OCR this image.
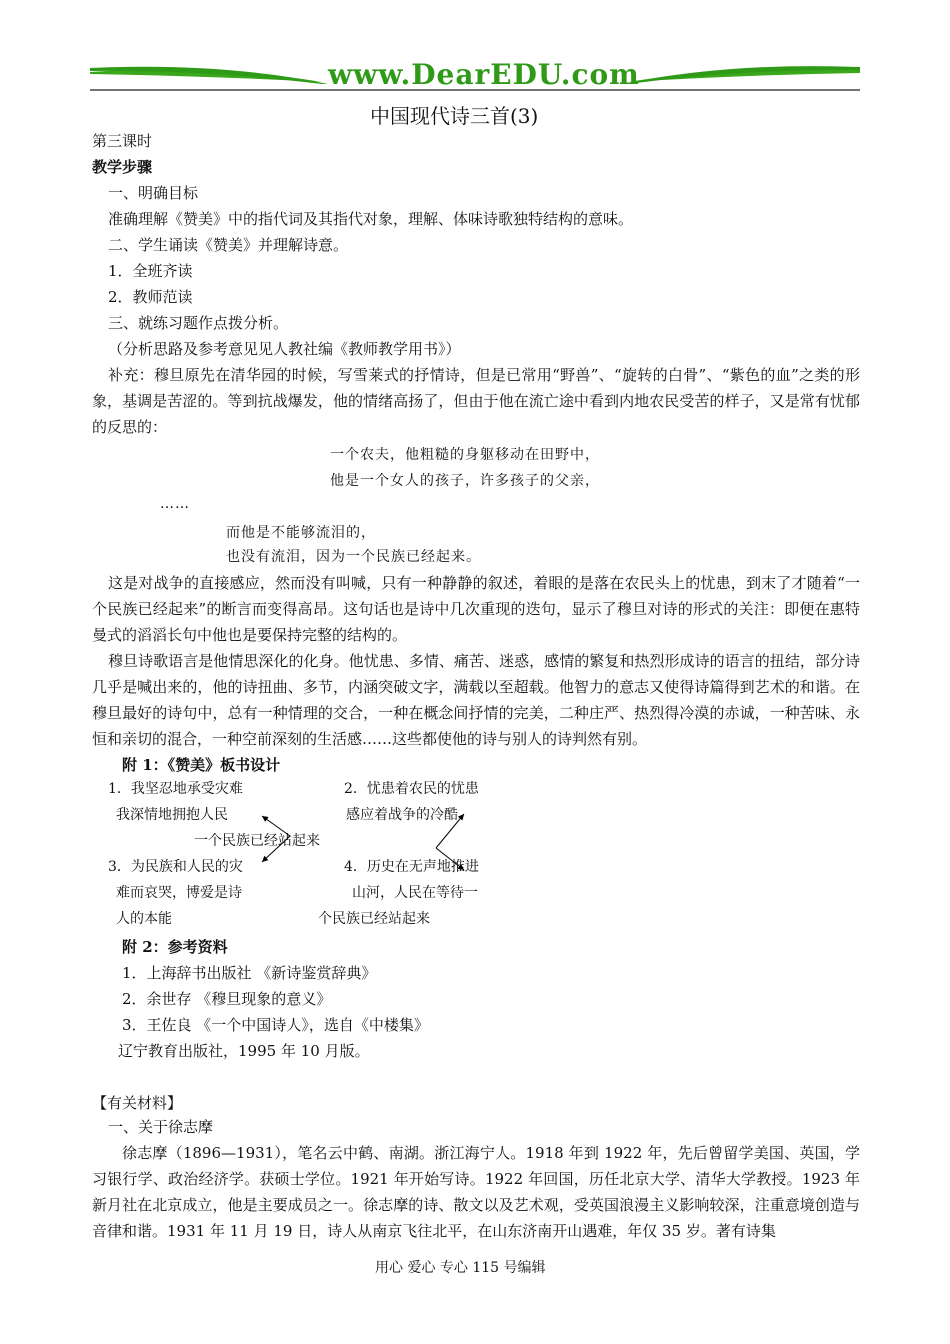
www.DearEDU.com
中国现代诗三首(3)
第三课时
教学步骤
一、明确目标
准确理解《赞美》中的指代词及其指代对象，理解、体味诗歌独特结构的意味。
二、学生诵读《赞美》并理解诗意。
1．全班齐读
2．教师范读
三、就练习题作点拨分析。
（分析思路及参考意见见人教社编《教师教学用书》）
补充：穆旦原先在清华园的时候，写雪莱式的抒情诗，但是已常用“野兽”、“旋转的白骨”、“紫色的血”之类的形象，基调是苦涩的。等到抗战爆发，他的情绪高扬了，但由于他在流亡途中看到内地农民受苦的样子，又是常有忧郁的反思的：
一个农夫，他粗糙的身躯移动在田野中，
他是一个女人的孩子，许多孩子的父亲，
……
而他是不能够流泪的，
也没有流泪，因为一个民族已经起来。
这是对战争的直接感应，然而没有叫喊，只有一种静静的叙述，着眼的是落在农民头上的忧患，到末了才随着“一个民族已经起来”的断言而变得高昂。这句话也是诗中几次重现的迭句，显示了穆旦对诗的形式的关注：即便在惠特曼式的滔滔长句中他也是要保持完整的结构的。
穆旦诗歌语言是他情思深化的化身。他忧患、多情、痛苦、迷惑，感情的繁复和热烈形成诗的语言的扭结，部分诗几乎是喊出来的，他的诗扭曲、多节，内涵突破文字，满载以至超载。他智力的意志又使得诗篇得到艺术的和谐。在穆旦最好的诗句中，总有一种情理的交合，一种在概念间抒情的完美，二种庄严、热烈得冷漠的赤诚，一种苦味、永恒和亲切的混合，一种空前深刻的生活感……这些都使他的诗与别人的诗判然有别。
附 1：《赞美》板书设计
1．我坚忍地承受灾难
我深情地拥抱人民
2．忧患着农民的忧患
感应着战争的冷酷
一个民族已经站起来
3．为民族和人民的灾
难而哀哭，博爱是诗
人的本能
4．历史在无声地推进
山河，人民在等待一
个民族已经站起来
附 2：参考资料
1．上海辞书出版社 《新诗鉴赏辞典》
2．余世存 《穆旦现象的意义》
3．王佐良 《一个中国诗人》，选自《中楼集》
辽宁教育出版社，1995 年 10 月版。
【有关材料】
一、关于徐志摩
徐志摩（1896—1931），笔名云中鹤、南湖。浙江海宁人。1918 年到 1922 年，先后曾留学美国、英国，学习银行学、政治经济学。获硕士学位。1921 年开始写诗。1922 年回国，历任北京大学、清华大学教授。1923 年新月社在北京成立，他是主要成员之一。徐志摩的诗、散文以及艺术观，受英国浪漫主义影响较深，注重意境创造与音律和谐。1931 年 11 月 19 日，诗人从南京飞往北平，在山东济南开山遇难，年仅 35 岁。著有诗集
用心 爱心 专心 115 号编辑
